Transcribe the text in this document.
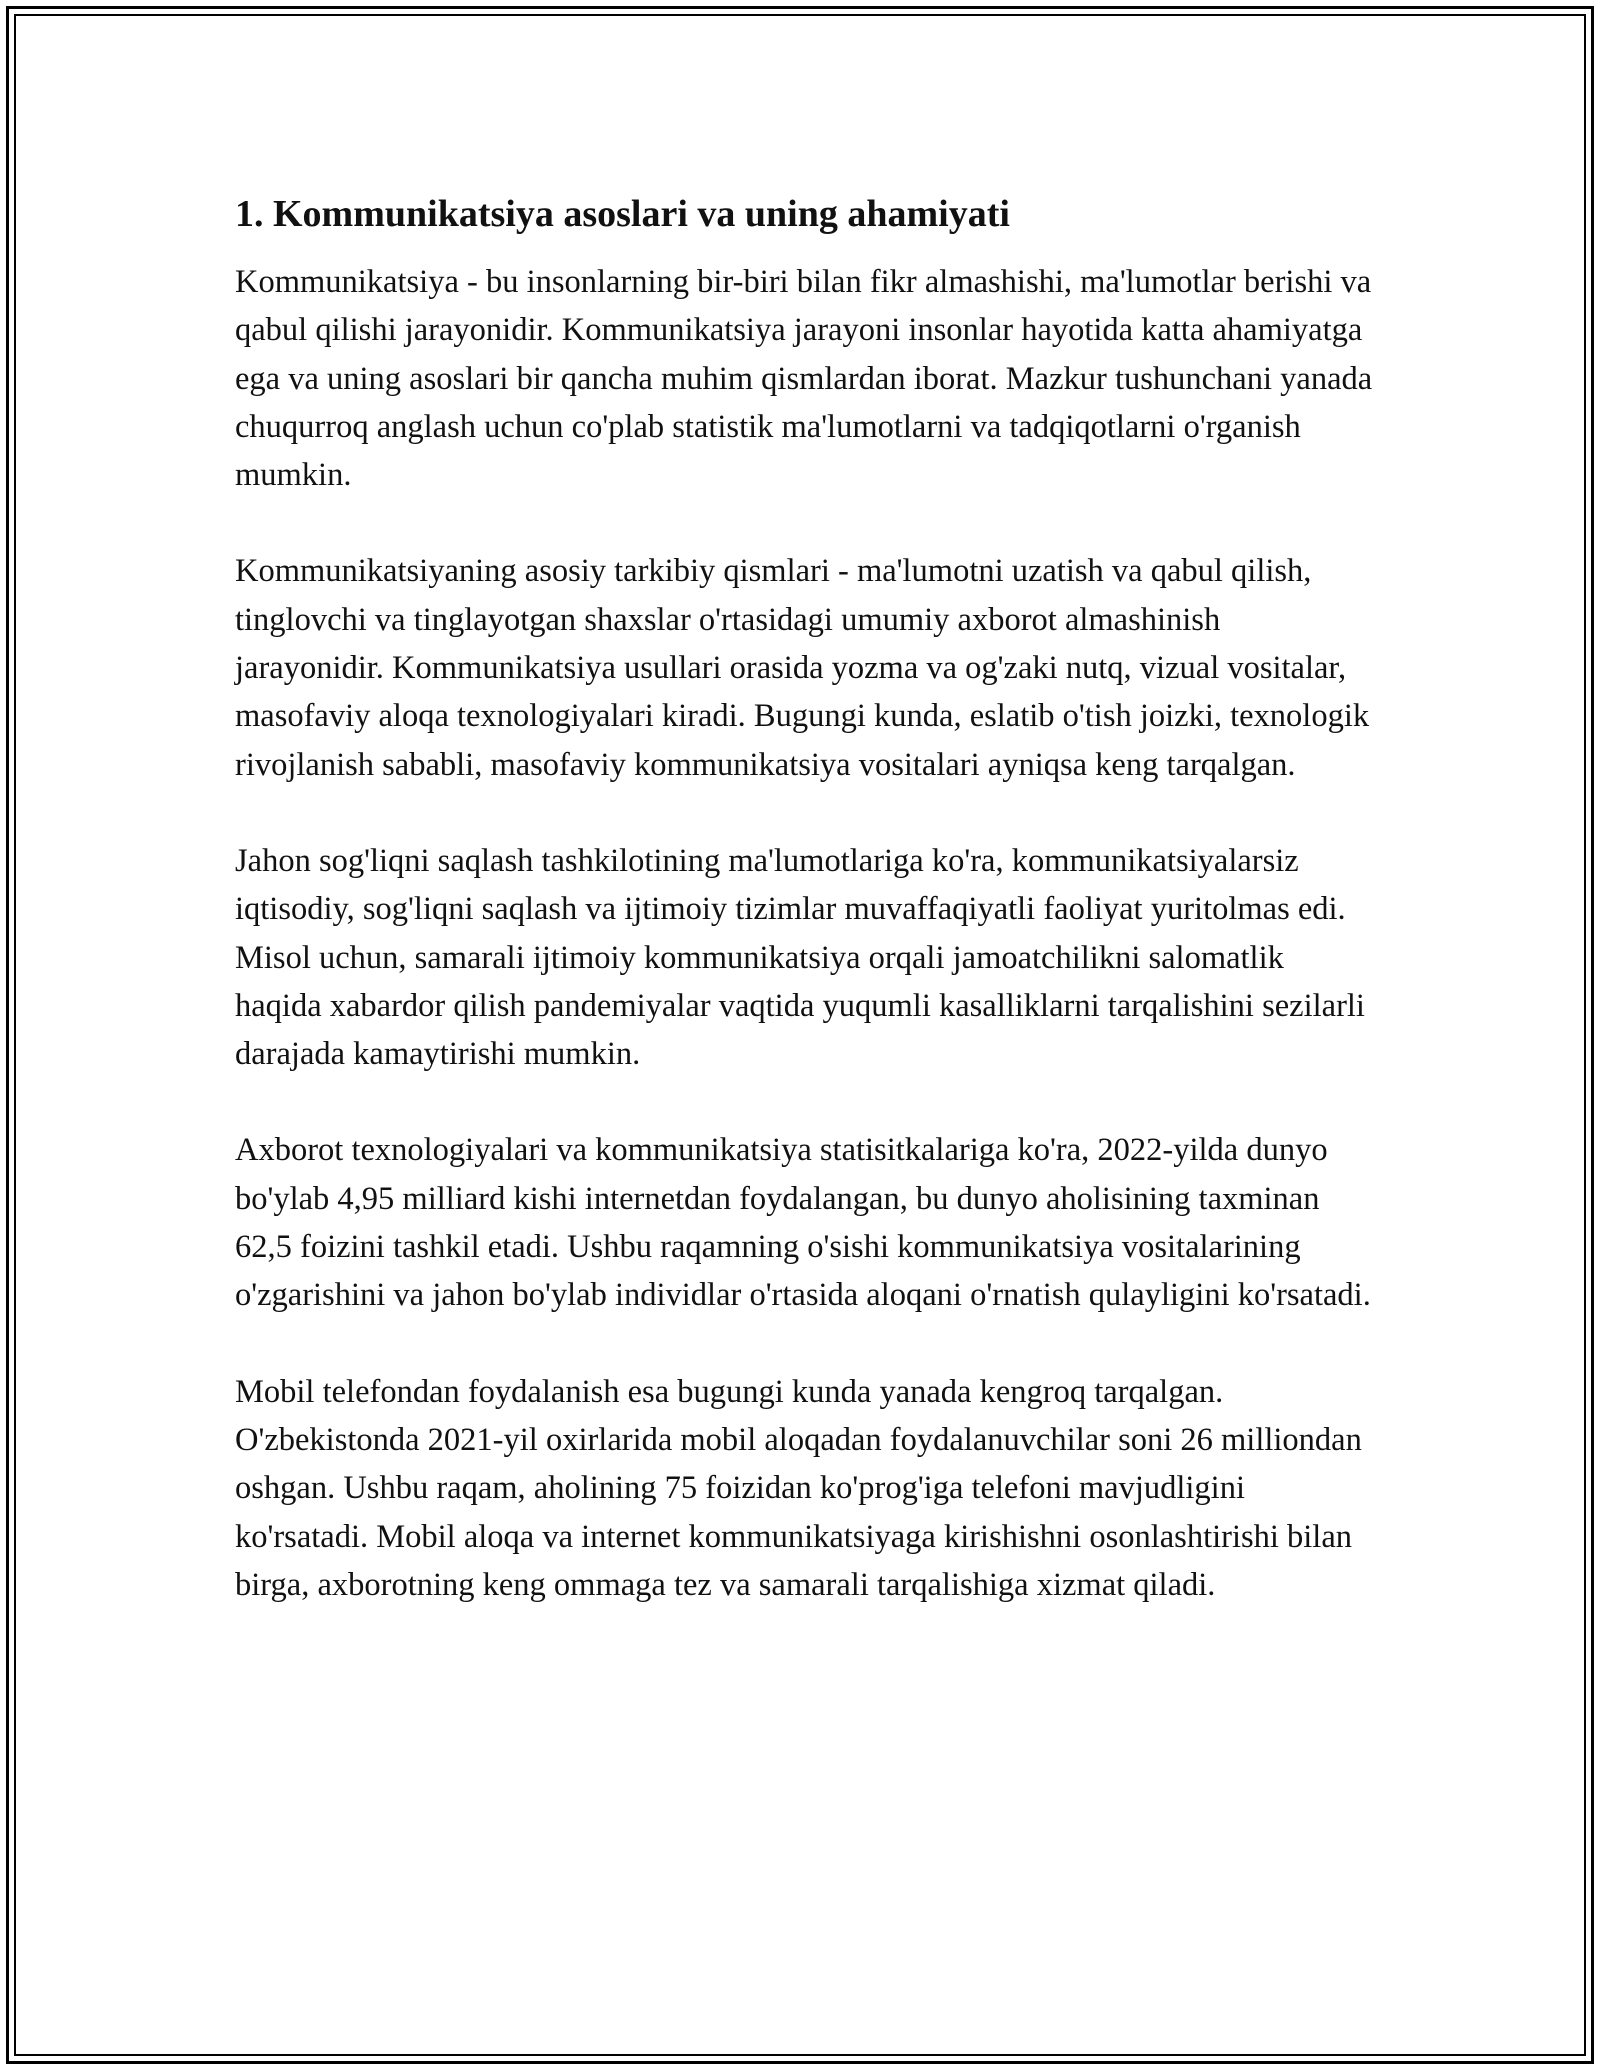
1. Kommunikatsiya asoslari va uning ahamiyati

Kommunikatsiya - bu insonlarning bir-biri bilan fikr almashishi, ma'lumotlar berishi va qabul qilishi jarayonidir. Kommunikatsiya jarayoni insonlar hayotida katta ahamiyatga ega va uning asoslari bir qancha muhim qismlardan iborat. Mazkur tushunchani yanada chuqurroq anglash uchun co'plab statistik ma'lumotlarni va tadqiqotlarni o'rganish mumkin.

Kommunikatsiyaning asosiy tarkibiy qismlari - ma'lumotni uzatish va qabul qilish, tinglovchi va tinglayotgan shaxslar o'rtasidagi umumiy axborot almashinish jarayonidir. Kommunikatsiya usullari orasida yozma va og'zaki nutq, vizual vositalar, masofaviy aloqa texnologiyalari kiradi. Bugungi kunda, eslatib o'tish joizki, texnologik rivojlanish sababli, masofaviy kommunikatsiya vositalari ayniqsa keng tarqalgan.

Jahon sog'liqni saqlash tashkilotining ma'lumotlariga ko'ra, kommunikatsiyalarsiz iqtisodiy, sog'liqni saqlash va ijtimoiy tizimlar muvaffaqiyatli faoliyat yuritolmas edi. Misol uchun, samarali ijtimoiy kommunikatsiya orqali jamoatchilikni salomatlik haqida xabardor qilish pandemiyalar vaqtida yuqumli kasalliklarni tarqalishini sezilarli darajada kamaytirishi mumkin.

Axborot texnologiyalari va kommunikatsiya statisitkalariga ko'ra, 2022-yilda dunyo bo'ylab 4,95 milliard kishi internetdan foydalangan, bu dunyo aholisining taxminan 62,5 foizini tashkil etadi. Ushbu raqamning o'sishi kommunikatsiya vositalarining o'zgarishini va jahon bo'ylab individlar o'rtasida aloqani o'rnatish qulayligini ko'rsatadi.

Mobil telefondan foydalanish esa bugungi kunda yanada kengroq tarqalgan. O'zbekistonda 2021-yil oxirlarida mobil aloqadan foydalanuvchilar soni 26 milliondan oshgan. Ushbu raqam, aholining 75 foizidan ko'prog'iga telefoni mavjudligini ko'rsatadi. Mobil aloqa va internet kommunikatsiyaga kirishishni osonlashtirishi bilan birga, axborotning keng ommaga tez va samarali tarqalishiga xizmat qiladi.
